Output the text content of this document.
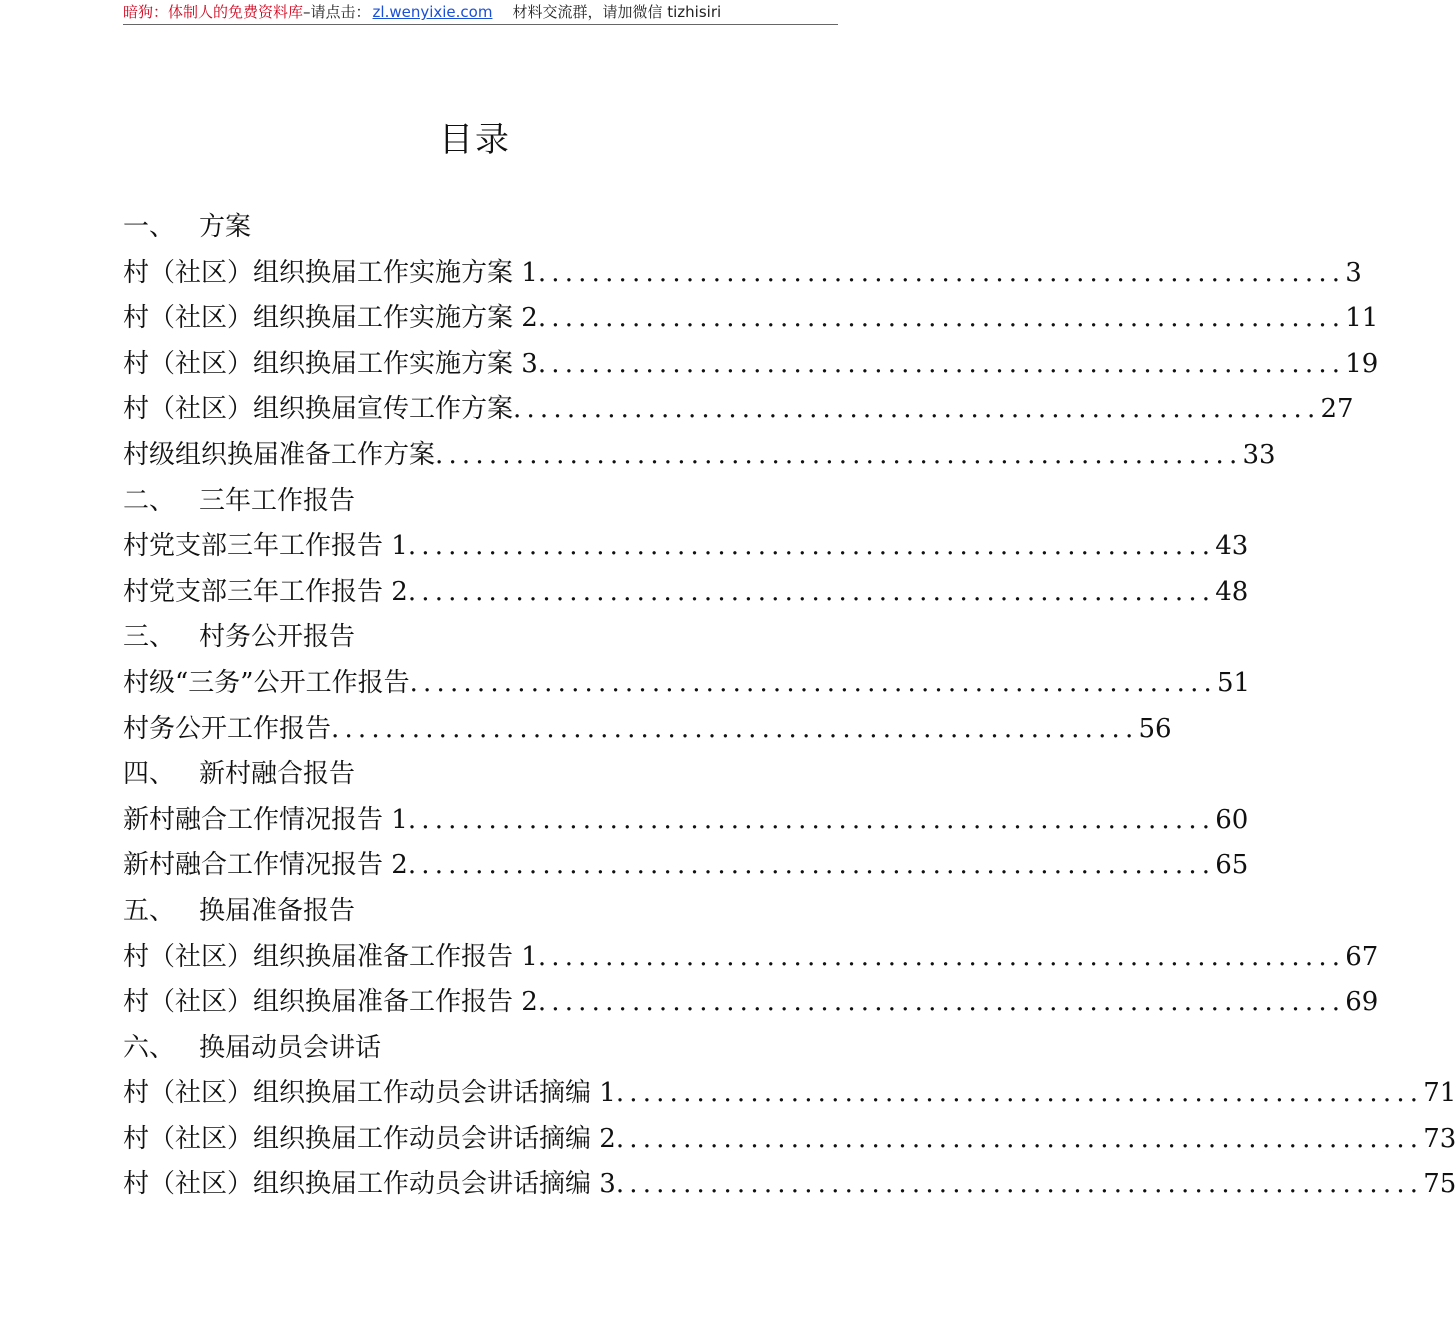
暗狗：体制人的免费资料库–请点击： zl.wenyixie.com 材料交流群，请加微信 tizhisiri
目录
一、 方案
村（社区）组织换届工作实施方案 1 . . . . . . . . . . . . . . . . . . . . . . . . . . . . . . . . . . . . . . . . . . . . . . . . . . . . . . . . . . . .  3
村（社区）组织换届工作实施方案 2 . . . . . . . . . . . . . . . . . . . . . . . . . . . . . . . . . . . . . . . . . . . . . . . . . . . . . . . . . . . .  11
村（社区）组织换届工作实施方案 3 . . . . . . . . . . . . . . . . . . . . . . . . . . . . . . . . . . . . . . . . . . . . . . . . . . . . . . . . . . . .  19
村（社区）组织换届宣传工作方案 . . . . . . . . . . . . . . . . . . . . . . . . . . . . . . . . . . . . . . . . . . . . . . . . . . . . . . . . . . . .  27
村级组织换届准备工作方案 . . . . . . . . . . . . . . . . . . . . . . . . . . . . . . . . . . . . . . . . . . . . . . . . . . . . . . . . . . . .  33
二、 三年工作报告
村党支部三年工作报告 1 . . . . . . . . . . . . . . . . . . . . . . . . . . . . . . . . . . . . . . . . . . . . . . . . . . . . . . . . . . . .  43
村党支部三年工作报告 2 . . . . . . . . . . . . . . . . . . . . . . . . . . . . . . . . . . . . . . . . . . . . . . . . . . . . . . . . . . . .  48
三、 村务公开报告
村级“三务”公开工作报告 . . . . . . . . . . . . . . . . . . . . . . . . . . . . . . . . . . . . . . . . . . . . . . . . . . . . . . . . . . . .  51
村务公开工作报告 . . . . . . . . . . . . . . . . . . . . . . . . . . . . . . . . . . . . . . . . . . . . . . . . . . . . . . . . . . . .  56
四、 新村融合报告
新村融合工作情况报告 1 . . . . . . . . . . . . . . . . . . . . . . . . . . . . . . . . . . . . . . . . . . . . . . . . . . . . . . . . . . . .  60
新村融合工作情况报告 2 . . . . . . . . . . . . . . . . . . . . . . . . . . . . . . . . . . . . . . . . . . . . . . . . . . . . . . . . . . . .  65
五、 换届准备报告
村（社区）组织换届准备工作报告 1 . . . . . . . . . . . . . . . . . . . . . . . . . . . . . . . . . . . . . . . . . . . . . . . . . . . . . . . . . . . .  67
村（社区）组织换届准备工作报告 2 . . . . . . . . . . . . . . . . . . . . . . . . . . . . . . . . . . . . . . . . . . . . . . . . . . . . . . . . . . . .  69
六、 换届动员会讲话
村（社区）组织换届工作动员会讲话摘编 1 . . . . . . . . . . . . . . . . . . . . . . . . . . . . . . . . . . . . . . . . . . . . . . . . . . . . . . . . . . . .  71
村（社区）组织换届工作动员会讲话摘编 2 . . . . . . . . . . . . . . . . . . . . . . . . . . . . . . . . . . . . . . . . . . . . . . . . . . . . . . . . . . . .  73
村（社区）组织换届工作动员会讲话摘编 3 . . . . . . . . . . . . . . . . . . . . . . . . . . . . . . . . . . . . . . . . . . . . . . . . . . . . . . . . . . . .  75
